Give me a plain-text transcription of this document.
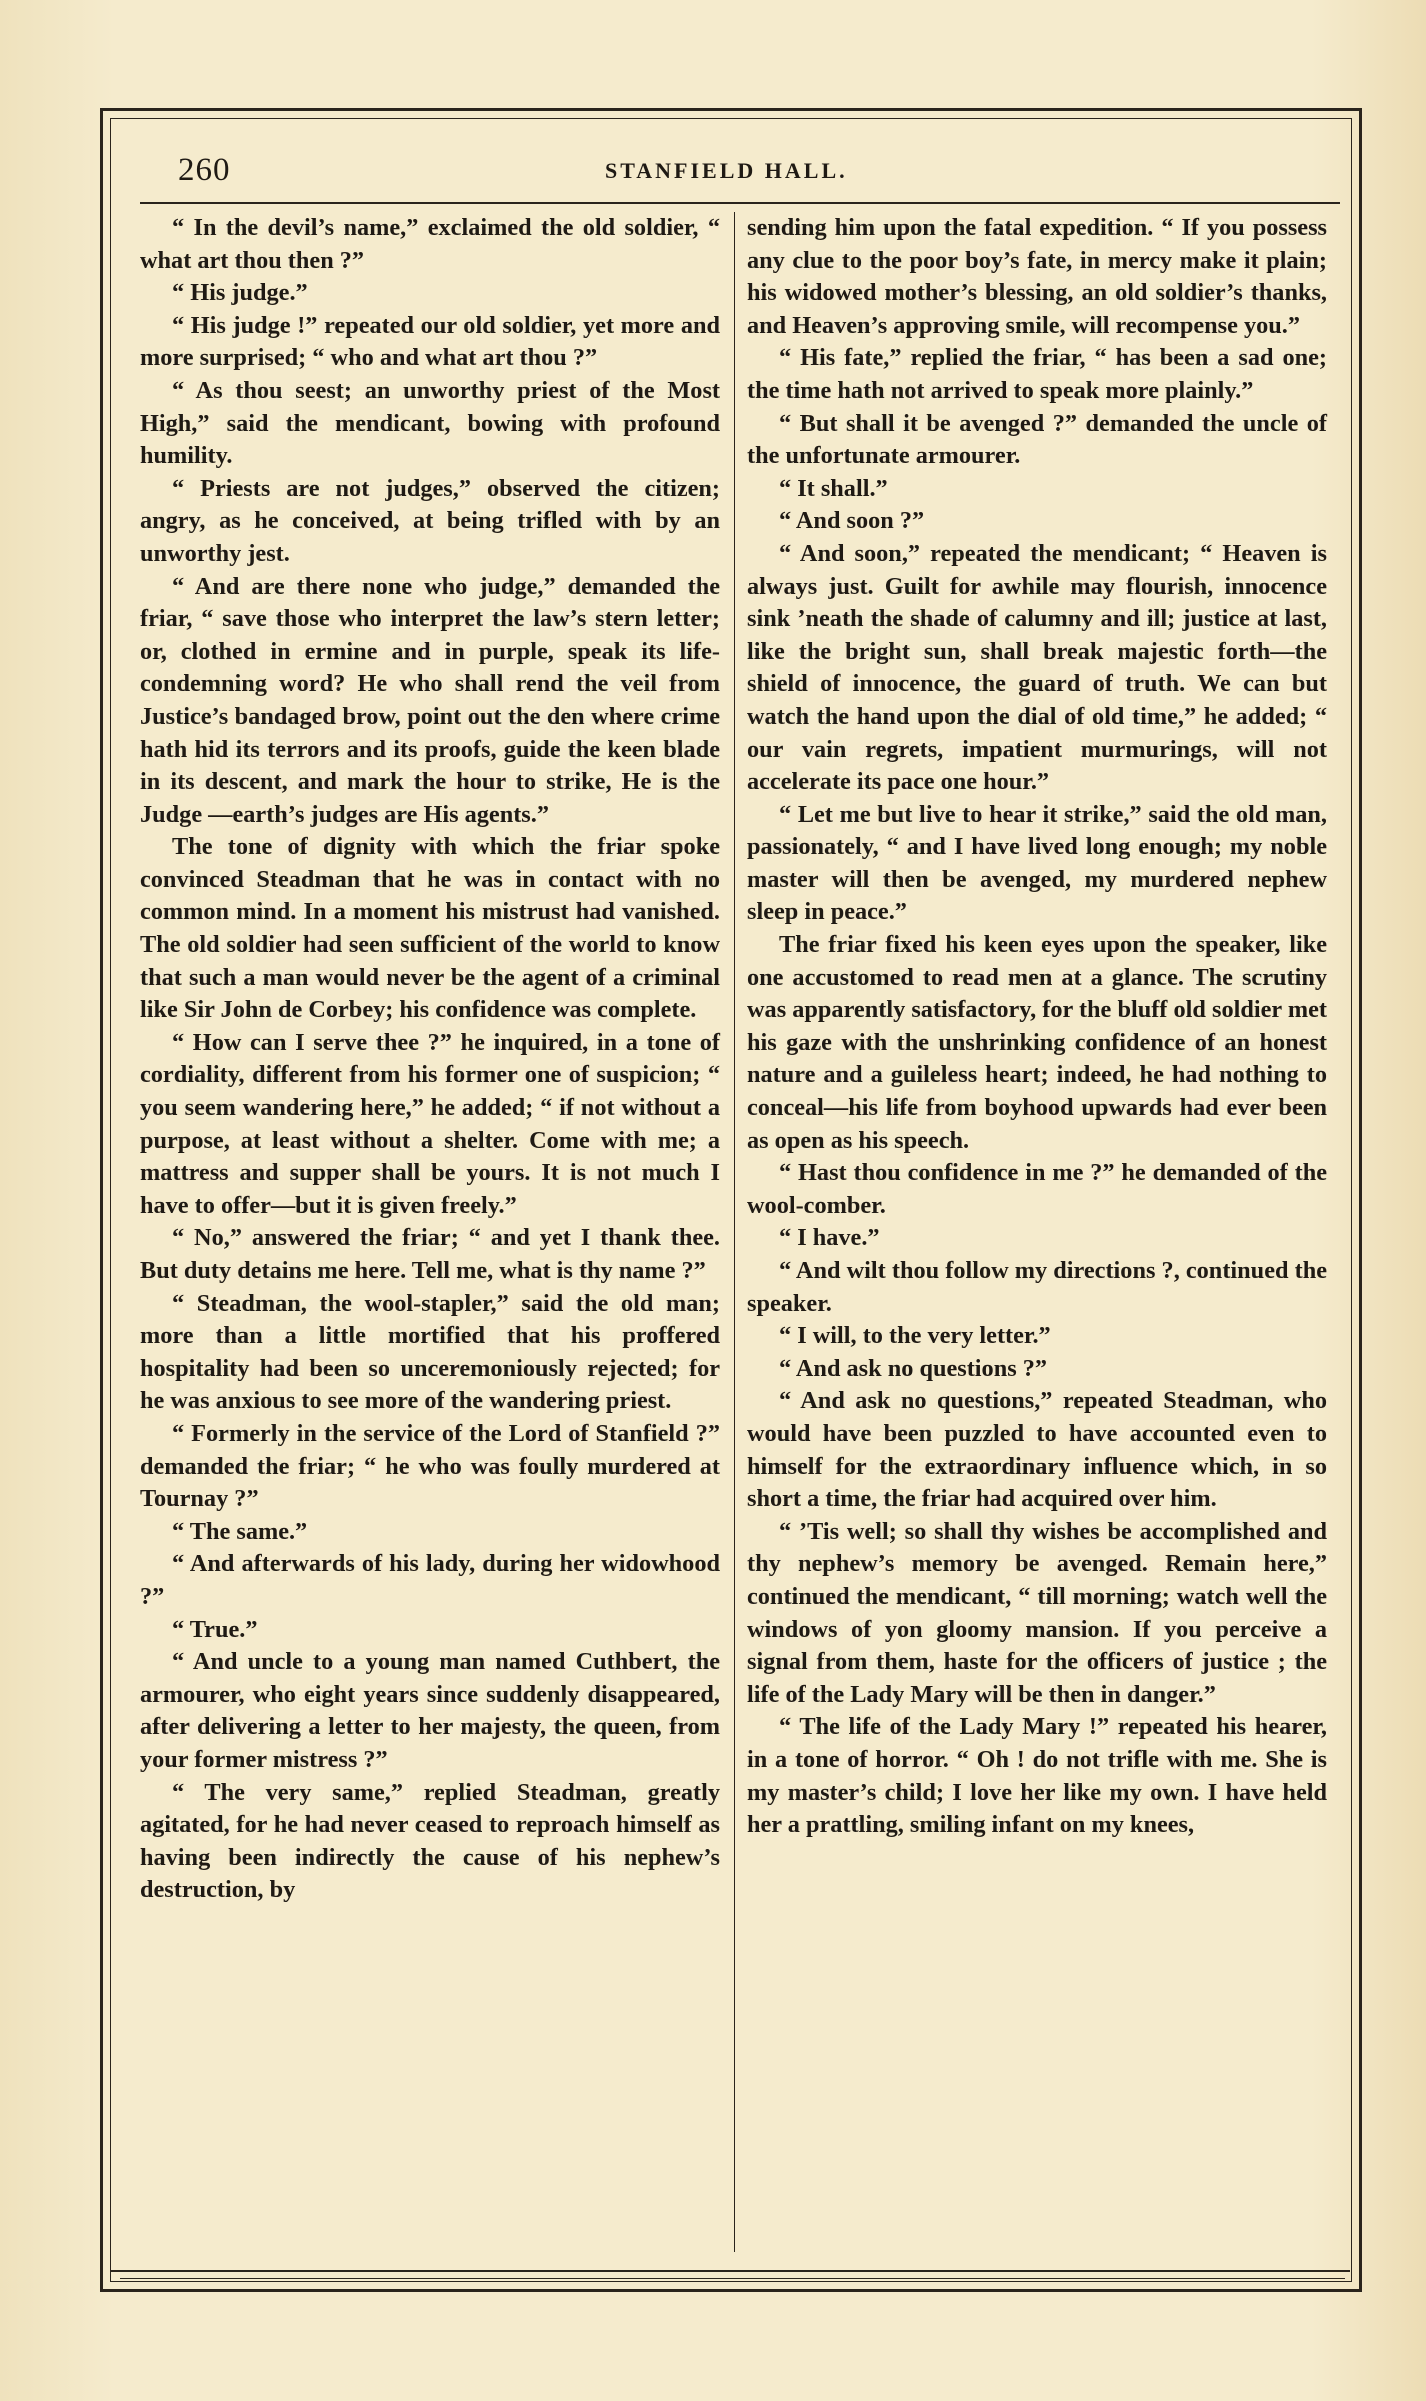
260	STANFIELD HALL.

“ In the devil’s name,” exclaimed the old soldier, “ what art thou then ?”

“ His judge.”

“ His judge !” repeated our old soldier, yet more and more surprised; “ who and what art thou ?”

“ As thou seest; an unworthy priest of the Most High,” said the mendicant, bowing with profound humility.

“ Priests are not judges,” observed the citizen; angry, as he conceived, at being trifled with by an unworthy jest.

“ And are there none who judge,” demanded the friar, “ save those who interpret the law’s stern letter; or, clothed in ermine and in purple, speak its life-condemning word? He who shall rend the veil from Justice’s bandaged brow, point out the den where crime hath hid its terrors and its proofs, guide the keen blade in its descent, and mark the hour to strike, He is the Judge —earth’s judges are His agents.”

The tone of dignity with which the friar spoke convinced Steadman that he was in contact with no common mind. In a moment his mistrust had vanished. The old soldier had seen sufficient of the world to know that such a man would never be the agent of a criminal like Sir John de Corbey; his confidence was complete.

“ How can I serve thee ?” he inquired, in a tone of cordiality, different from his former one of suspicion; “ you seem wandering here,” he added; “ if not without a purpose, at least without a shelter. Come with me; a mattress and supper shall be yours. It is not much I have to offer—but it is given freely.”

“ No,” answered the friar; “ and yet I thank thee. But duty detains me here. Tell me, what is thy name ?”

“ Steadman, the wool-stapler,” said the old man; more than a little mortified that his proffered hospitality had been so unceremoniously rejected; for he was anxious to see more of the wandering priest.

“ Formerly in the service of the Lord of Stanfield ?” demanded the friar; “ he who was foully murdered at Tournay ?”

“ The same.”

“ And afterwards of his lady, during her widowhood ?”

“ True.”

“ And uncle to a young man named Cuthbert, the armourer, who eight years since suddenly disappeared, after delivering a letter to her majesty, the queen, from your former mistress ?”

“ The very same,” replied Steadman, greatly agitated, for he had never ceased to reproach himself as having been indirectly the cause of his nephew’s destruction, by

sending him upon the fatal expedition. “ If you possess any clue to the poor boy’s fate, in mercy make it plain; his widowed mother’s blessing, an old soldier’s thanks, and Heaven’s approving smile, will recompense you.”

“ His fate,” replied the friar, “ has been a sad one; the time hath not arrived to speak more plainly.”

“ But shall it be avenged ?” demanded the uncle of the unfortunate armourer.

“ It shall.”

“ And soon ?”

“ And soon,” repeated the mendicant; “ Heaven is always just. Guilt for awhile may flourish, innocence sink ’neath the shade of calumny and ill; justice at last, like the bright sun, shall break majestic forth—the shield of innocence, the guard of truth. We can but watch the hand upon the dial of old time,” he added; “ our vain regrets, impatient murmurings, will not accelerate its pace one hour.”

“ Let me but live to hear it strike,” said the old man, passionately, “ and I have lived long enough; my noble master will then be avenged, my murdered nephew sleep in peace.”

The friar fixed his keen eyes upon the speaker, like one accustomed to read men at a glance. The scrutiny was apparently satisfactory, for the bluff old soldier met his gaze with the unshrinking confidence of an honest nature and a guileless heart; indeed, he had nothing to conceal—his life from boyhood upwards had ever been as open as his speech.

“ Hast thou confidence in me ?” he demanded of the wool-comber.

“ I have.”

“ And wilt thou follow my directions ?, continued the speaker.

“ I will, to the very letter.”

“ And ask no questions ?”

“ And ask no questions,” repeated Steadman, who would have been puzzled to have accounted even to himself for the extraordinary influence which, in so short a time, the friar had acquired over him.

“ ’Tis well; so shall thy wishes be accomplished and thy nephew’s memory be avenged. Remain here,” continued the mendicant, “ till morning; watch well the windows of yon gloomy mansion. If you perceive a signal from them, haste for the officers of justice ; the life of the Lady Mary will be then in danger.”

“ The life of the Lady Mary !” repeated his hearer, in a tone of horror. “ Oh ! do not trifle with me. She is my master’s child; I love her like my own. I have held her a prattling, smiling infant on my knees,
